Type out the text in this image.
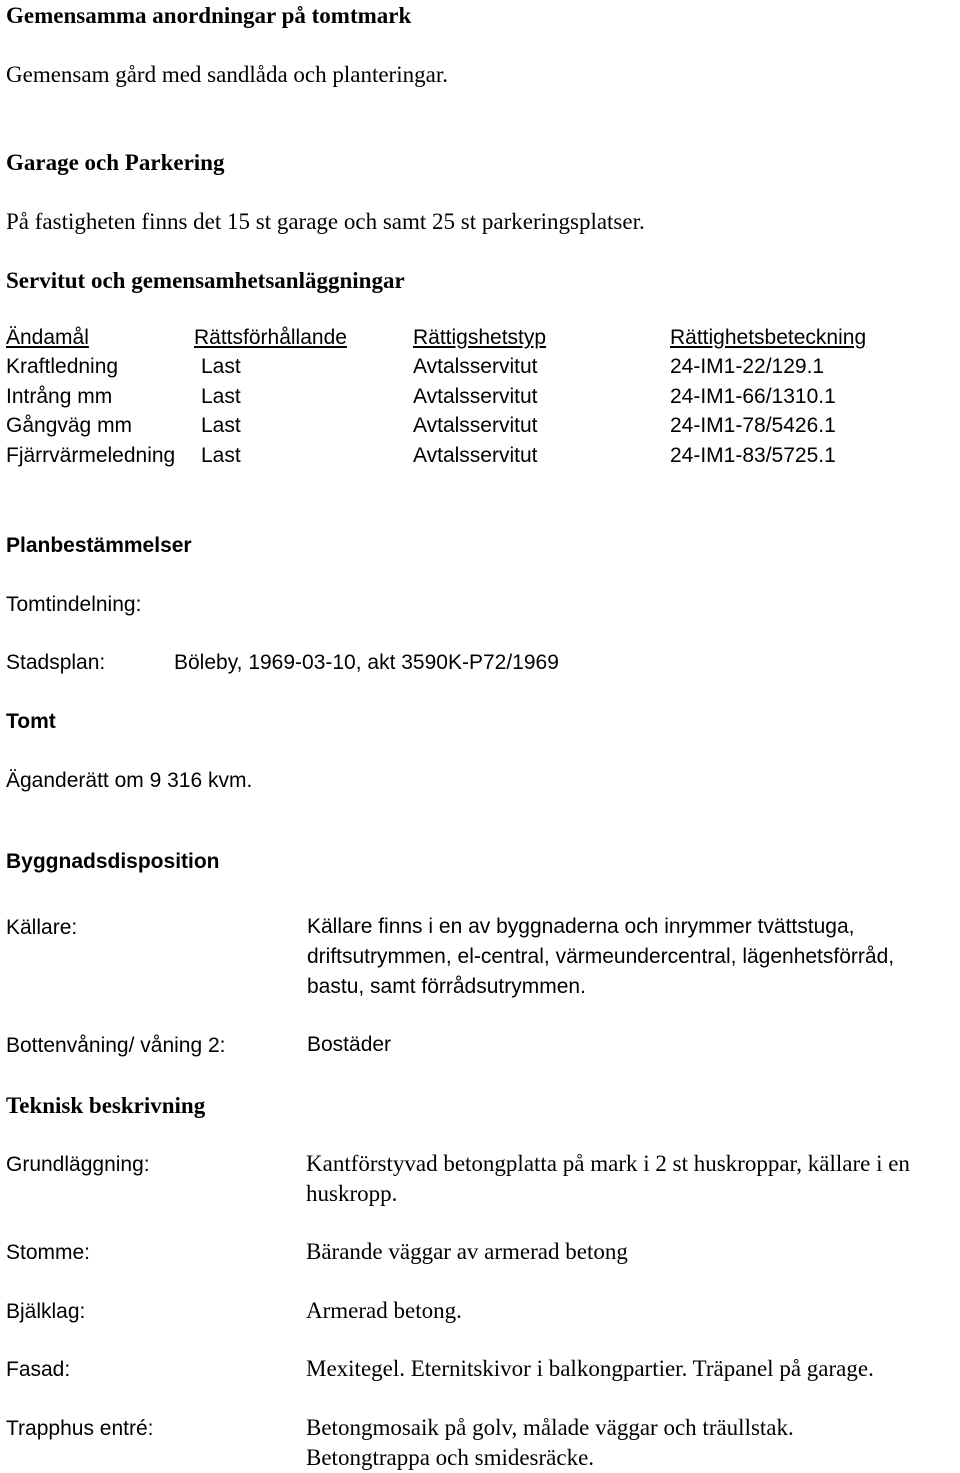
Gemensamma anordningar på tomtmark
Gemensam gård med sandlåda och planteringar.
Garage och Parkering
På fastigheten finns det 15 st garage och samt 25 st parkeringsplatser.
Servitut och gemensamhetsanläggningar
Ändamål	Rättsförhållande	Rättigshetstyp	Rättighetsbeteckning
Kraftledning	Last	Avtalsservitut	24-IM1-22/129.1
Intrång mm	Last	Avtalsservitut	24-IM1-66/1310.1
Gångväg mm	Last	Avtalsservitut	24-IM1-78/5426.1
Fjärrvärmeledning Last	Avtalsservitut	24-IM1-83/5725.1
Planbestämmelser
Tomtindelning:
Stadsplan:	Böleby, 1969-03-10, akt 3590K-P72/1969
Tomt
Äganderätt om 9 316 kvm.
Byggnadsdisposition
Källare:	Källare finns i en av byggnaderna och inrymmer tvättstuga, driftsutrymmen, el-central, värmeundercentral, lägenhetsförråd, bastu, samt förrådsutrymmen.
Bottenvåning/ våning 2:	Bostäder
Teknisk beskrivning
Grundläggning:	Kantförstyvad betongplatta på mark i 2 st huskroppar, källare i en huskropp.
Stomme:	Bärande väggar av armerad betong
Bjälklag:	Armerad betong.
Fasad:	Mexitegel. Eternitskivor i balkongpartier. Träpanel på garage.
Trapphus entré:	Betongmosaik på golv, målade väggar och träullstak. Betongtrappa och smidesräcke.
